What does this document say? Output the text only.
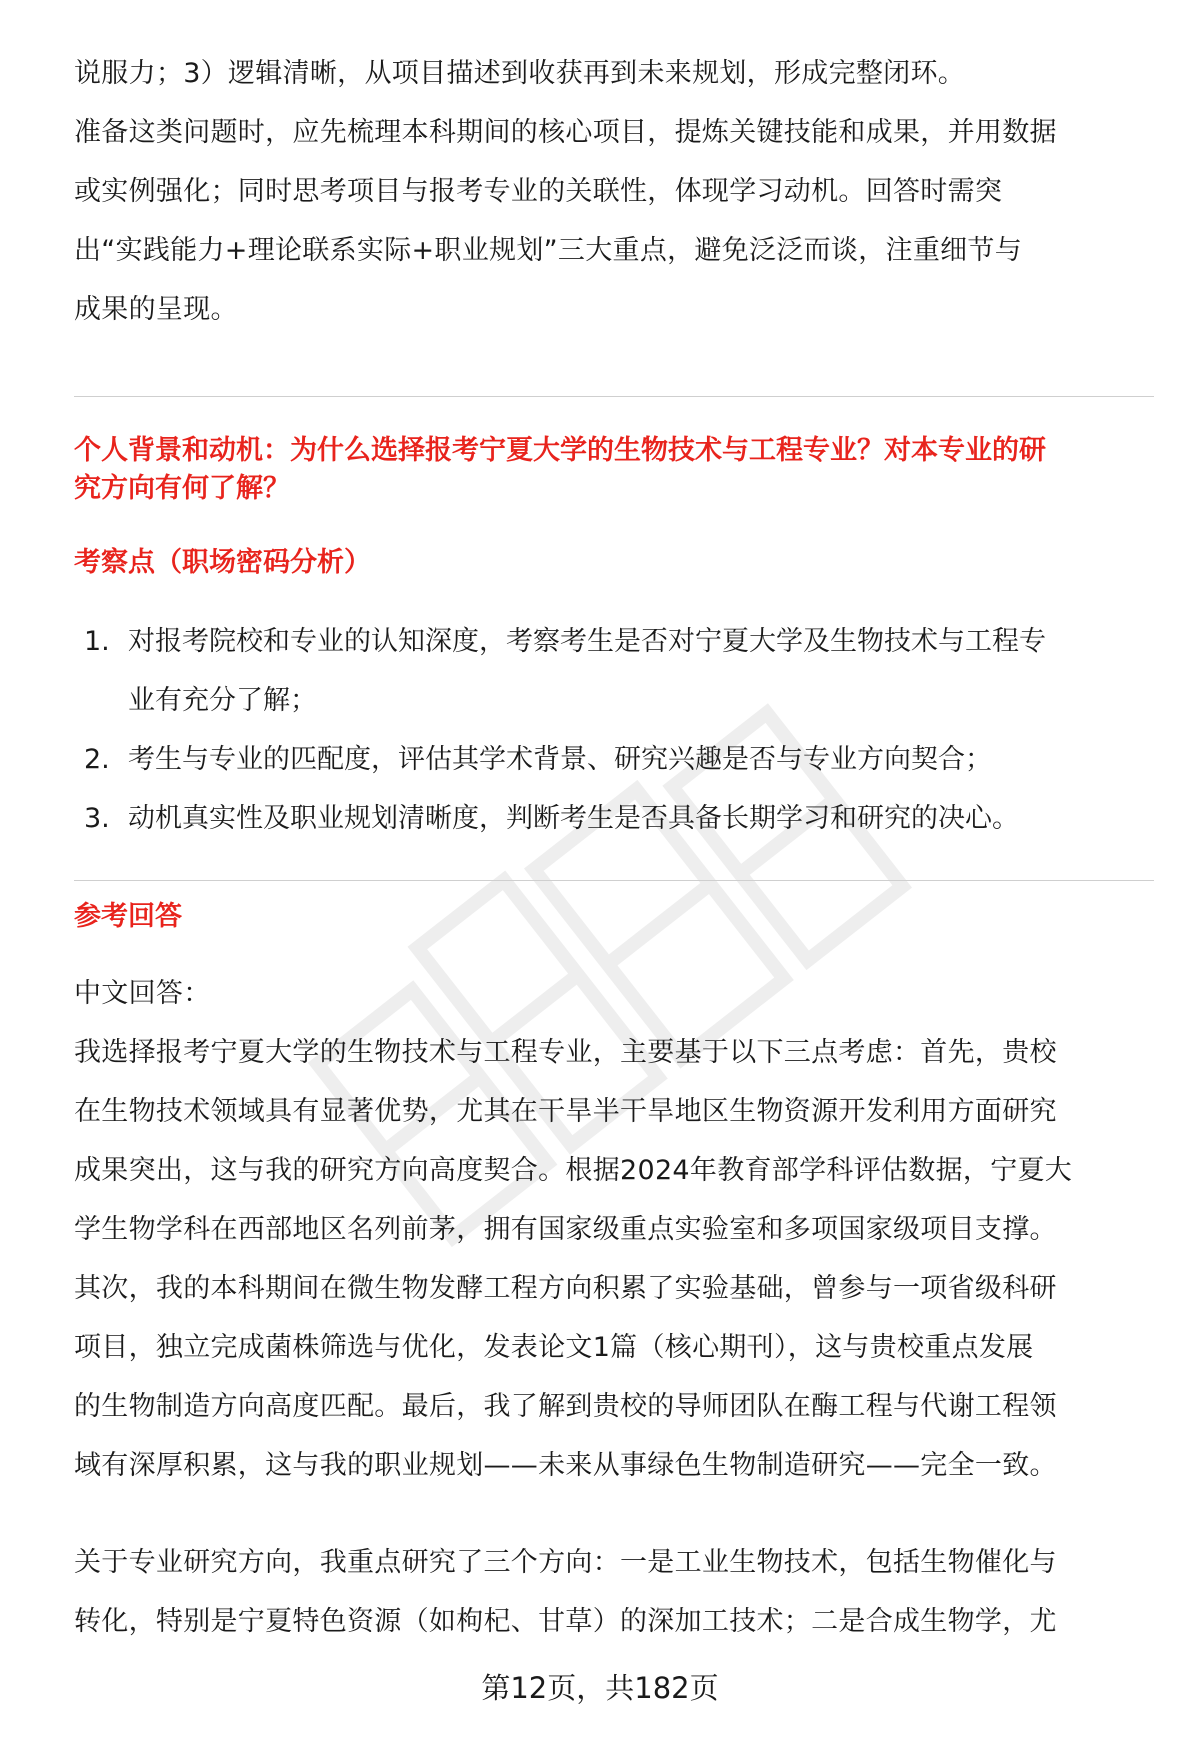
说服力；3）逻辑清晰，从项目描述到收获再到未来规划，形成完整闭环。
准备这类问题时，应先梳理本科期间的核心项目，提炼关键技能和成果，并用数据
或实例强化；同时思考项目与报考专业的关联性，体现学习动机。回答时需突
出“实践能力+理论联系实际+职业规划”三大重点，避免泛泛而谈，注重细节与
成果的呈现。
个人背景和动机：为什么选择报考宁夏大学的生物技术与工程专业？对本专业的研
究方向有何了解？
考察点（职场密码分析）
1. 对报考院校和专业的认知深度，考察考生是否对宁夏大学及生物技术与工程专
业有充分了解；
2. 考生与专业的匹配度，评估其学术背景、研究兴趣是否与专业方向契合；
3. 动机真实性及职业规划清晰度，判断考生是否具备长期学习和研究的决心。
参考回答
中文回答：
我选择报考宁夏大学的生物技术与工程专业，主要基于以下三点考虑：首先，贵校
在生物技术领域具有显著优势，尤其在干旱半干旱地区生物资源开发利用方面研究
成果突出，这与我的研究方向高度契合。根据2024年教育部学科评估数据，宁夏大
学生物学科在西部地区名列前茅，拥有国家级重点实验室和多项国家级项目支撑。
其次，我的本科期间在微生物发酵工程方向积累了实验基础，曾参与一项省级科研
项目，独立完成菌株筛选与优化，发表论文1篇（核心期刊），这与贵校重点发展
的生物制造方向高度匹配。最后，我了解到贵校的导师团队在酶工程与代谢工程领
域有深厚积累，这与我的职业规划——未来从事绿色生物制造研究——完全一致。
关于专业研究方向，我重点研究了三个方向：一是工业生物技术，包括生物催化与
转化，特别是宁夏特色资源（如枸杞、甘草）的深加工技术；二是合成生物学，尤
第12页，共182页
